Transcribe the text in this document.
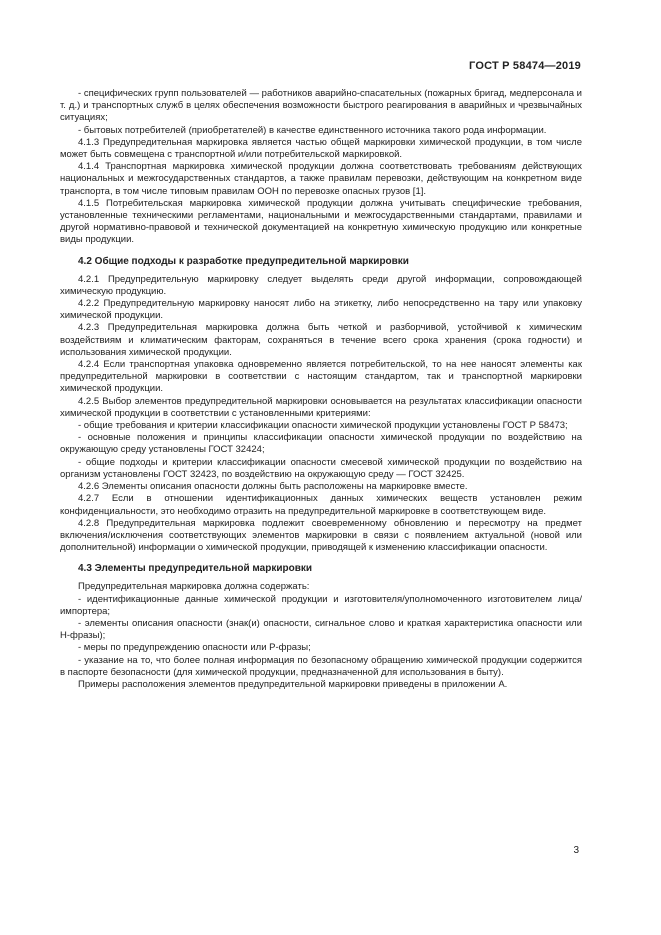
ГОСТ Р 58474—2019

- специфических групп пользователей — работников аварийно-спасательных (пожарных бригад, медперсонала и т. д.) и транспортных служб в целях обеспечения возможности быстрого реагирования в аварийных и чрезвычайных ситуациях;

- бытовых потребителей (приобретателей) в качестве единственного источника такого рода информации.

4.1.3 Предупредительная маркировка является частью общей маркировки химической продукции, в том числе может быть совмещена с транспортной и/или потребительской маркировкой.

4.1.4 Транспортная маркировка химической продукции должна соответствовать требованиям действующих национальных и межгосударственных стандартов, а также правилам перевозки, действующим на конкретном виде транспорта, в том числе типовым правилам ООН по перевозке опасных грузов [1].

4.1.5 Потребительская маркировка химической продукции должна учитывать специфические требования, установленные техническими регламентами, национальными и межгосударственными стандартами, правилами и другой нормативно-правовой и технической документацией на конкретную химическую продукцию или конкретные виды продукции.

4.2 Общие подходы к разработке предупредительной маркировки

4.2.1 Предупредительную маркировку следует выделять среди другой информации, сопровождающей химическую продукцию.

4.2.2 Предупредительную маркировку наносят либо на этикетку, либо непосредственно на тару или упаковку химической продукции.

4.2.3 Предупредительная маркировка должна быть четкой и разборчивой, устойчивой к химическим воздействиям и климатическим факторам, сохраняться в течение всего срока хранения (срока годности) и использования химической продукции.

4.2.4 Если транспортная упаковка одновременно является потребительской, то на нее наносят элементы как предупредительной маркировки в соответствии с настоящим стандартом, так и транспортной маркировки химической продукции.

4.2.5 Выбор элементов предупредительной маркировки основывается на результатах классификации опасности химической продукции в соответствии с установленными критериями:

- общие требования и критерии классификации опасности химической продукции установлены ГОСТ Р 58473;

- основные положения и принципы классификации опасности химической продукции по воздействию на окружающую среду установлены ГОСТ 32424;

- общие подходы и критерии классификации опасности смесевой химической продукции по воздействию на организм установлены ГОСТ 32423, по воздействию на окружающую среду — ГОСТ 32425.

4.2.6 Элементы описания опасности должны быть расположены на маркировке вместе.

4.2.7 Если в отношении идентификационных данных химических веществ установлен режим конфиденциальности, это необходимо отразить на предупредительной маркировке в соответствующем виде.

4.2.8 Предупредительная маркировка подлежит своевременному обновлению и пересмотру на предмет включения/исключения соответствующих элементов маркировки в связи с появлением актуальной (новой или дополнительной) информации о химической продукции, приводящей к изменению классификации опасности.

4.3 Элементы предупредительной маркировки

Предупредительная маркировка должна содержать:

- идентификационные данные химической продукции и изготовителя/уполномоченного изготовителем лица/импортера;

- элементы описания опасности (знак(и) опасности, сигнальное слово и краткая характеристика опасности или Н-фразы);

- меры по предупреждению опасности или Р-фразы;

- указание на то, что более полная информация по безопасному обращению химической продукции содержится в паспорте безопасности (для химической продукции, предназначенной для использования в быту).

Примеры расположения элементов предупредительной маркировки приведены в приложении А.

3
